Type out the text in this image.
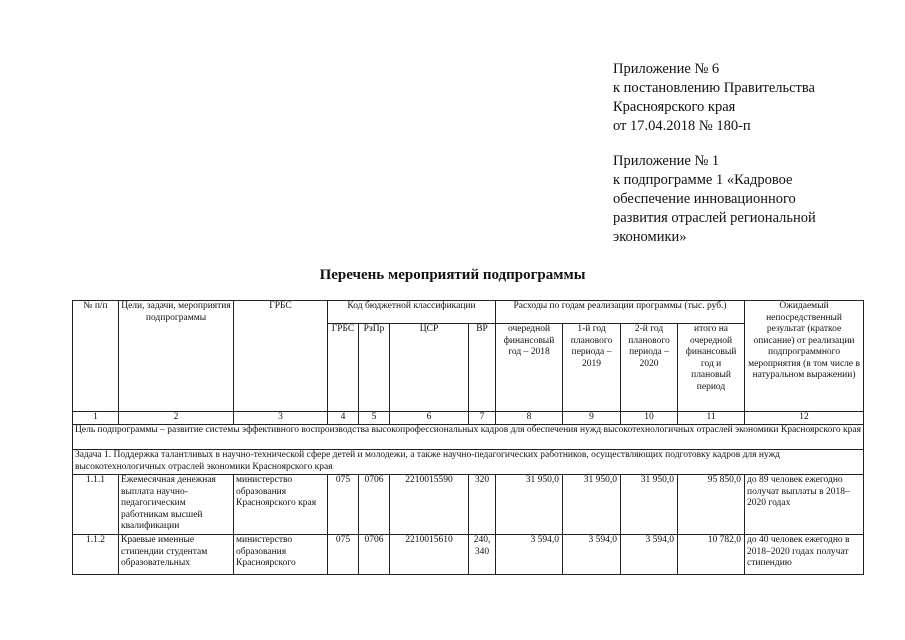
Приложение № 6
к постановлению Правительства
Красноярского края
от 17.04.2018 № 180-п
Приложение № 1
к подпрограмме 1 «Кадровое
обеспечение инновационного
развития отраслей региональной
экономики»
Перечень мероприятий подпрограммы
№ п/п	Цели, задачи, мероприятия подпрограммы	ГРБС	Код бюджетной классификации				Расходы по годам реализации программы (тыс. руб.)				Ожидаемый непосредственный результат (краткое описание) от реализации подпрограммного мероприятия (в том числе в натуральном выражении)
			ГРБС	РзПр	ЦСР	ВР	очередной финансовый год – 2018	1-й год планового периода – 2019	2-й год планового периода – 2020	итого на очередной финансовый год и плановый период	
1	2	3	4	5	6	7	8	9	10	11	12
Цель подпрограммы – развитие системы эффективного воспроизводства высокопрофессиональных кадров для обеспечения нужд высокотехнологичных отраслей экономики Красноярского края											
Задача 1. Поддержка талантливых в научно-технической сфере детей и молодежи, а также научно-педагогических работников, осуществляющих подготовку кадров для нужд высокотехнологичных отраслей экономики Красноярского края											
1.1.1	Ежемесячная денежная выплата научно-педагогическим работникам высшей квалификации	министерство образования Красноярского края	075	0706	2210015590	320	31 950,0	31 950,0	31 950,0	95 850,0	до 89 человек ежегодно получат выплаты в 2018–2020 годах
1.1.2	Краевые именные стипендии студентам образовательных	министерство образования Красноярского	075	0706	2210015610	240, 340	3 594,0	3 594,0	3 594,0	10 782,0	до 40 человек ежегодно в 2018–2020 годах получат стипендию
